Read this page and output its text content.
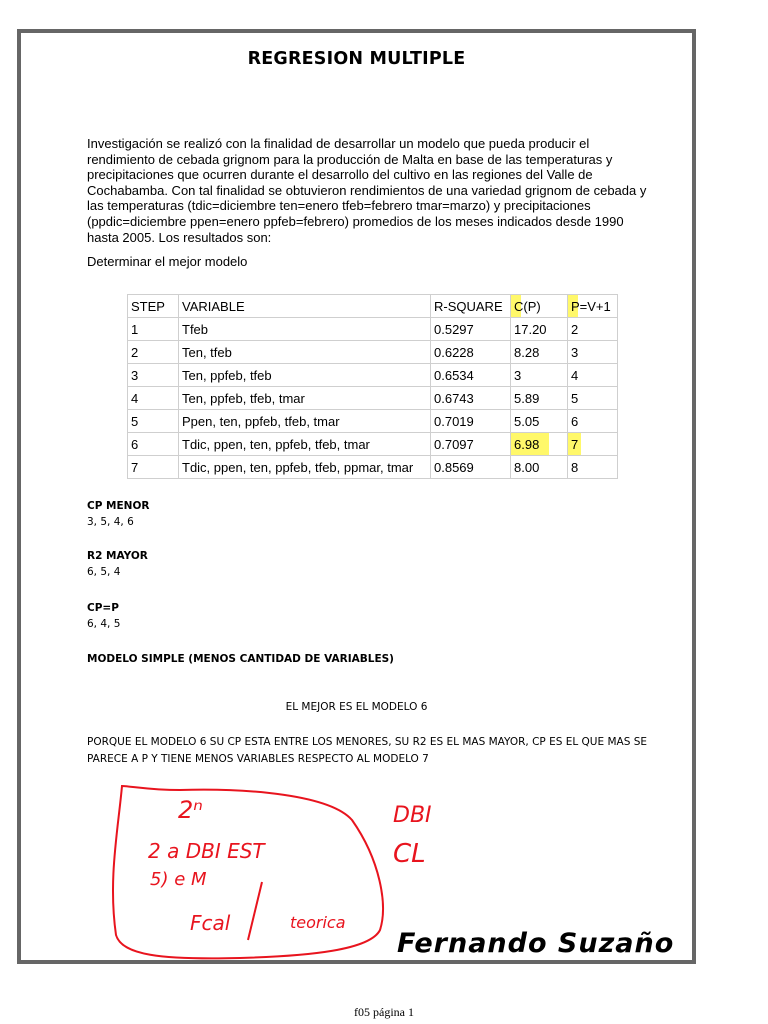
REGRESION MULTIPLE

Investigación se realizó con la finalidad de desarrollar un modelo que pueda producir el rendimiento de cebada grignom para la producción de Malta en base de las temperaturas y precipitaciones que ocurren durante el desarrollo del cultivo en las regiones del Valle de Cochabamba. Con tal finalidad se obtuvieron rendimientos de una variedad grignom de cebada y las temperaturas (tdic=diciembre ten=enero tfeb=febrero tmar=marzo) y precipitaciones (ppdic=diciembre ppen=enero ppfeb=febrero) promedios de los meses indicados desde 1990 hasta 2005. Los resultados son:

Determinar el mejor modelo

STEP	VARIABLE	R-SQUARE	C(P)	P=V+1
1	Tfeb	0.5297	17.20	2
2	Ten, tfeb	0.6228	8.28	3
3	Ten, ppfeb, tfeb	0.6534	3	4
4	Ten, ppfeb, tfeb, tmar	0.6743	5.89	5
5	Ppen, ten, ppfeb, tfeb, tmar	0.7019	5.05	6
6	Tdic, ppen, ten, ppfeb, tfeb, tmar	0.7097	6.98	7
7	Tdic, ppen, ten, ppfeb, tfeb, ppmar, tmar	0.8569	8.00	8
CP MENOR
3, 5, 4, 6
R2 MAYOR
6, 5, 4
CP=P
6, 4, 5
MODELO SIMPLE (MENOS CANTIDAD DE VARIABLES)
EL MEJOR ES EL MODELO 6
PORQUE EL MODELO 6 SU CP ESTA ENTRE LOS MENORES, SU R2 ES EL MAS MAYOR, CP ES EL QUE MAS SE PARECE A P Y TIENE MENOS VARIABLES RESPECTO AL MODELO 7
Fernando Suzaño
2ⁿ
2 a DBI EST
5) e M
Fcal	teorica
DBI
CL
f05 página 1
